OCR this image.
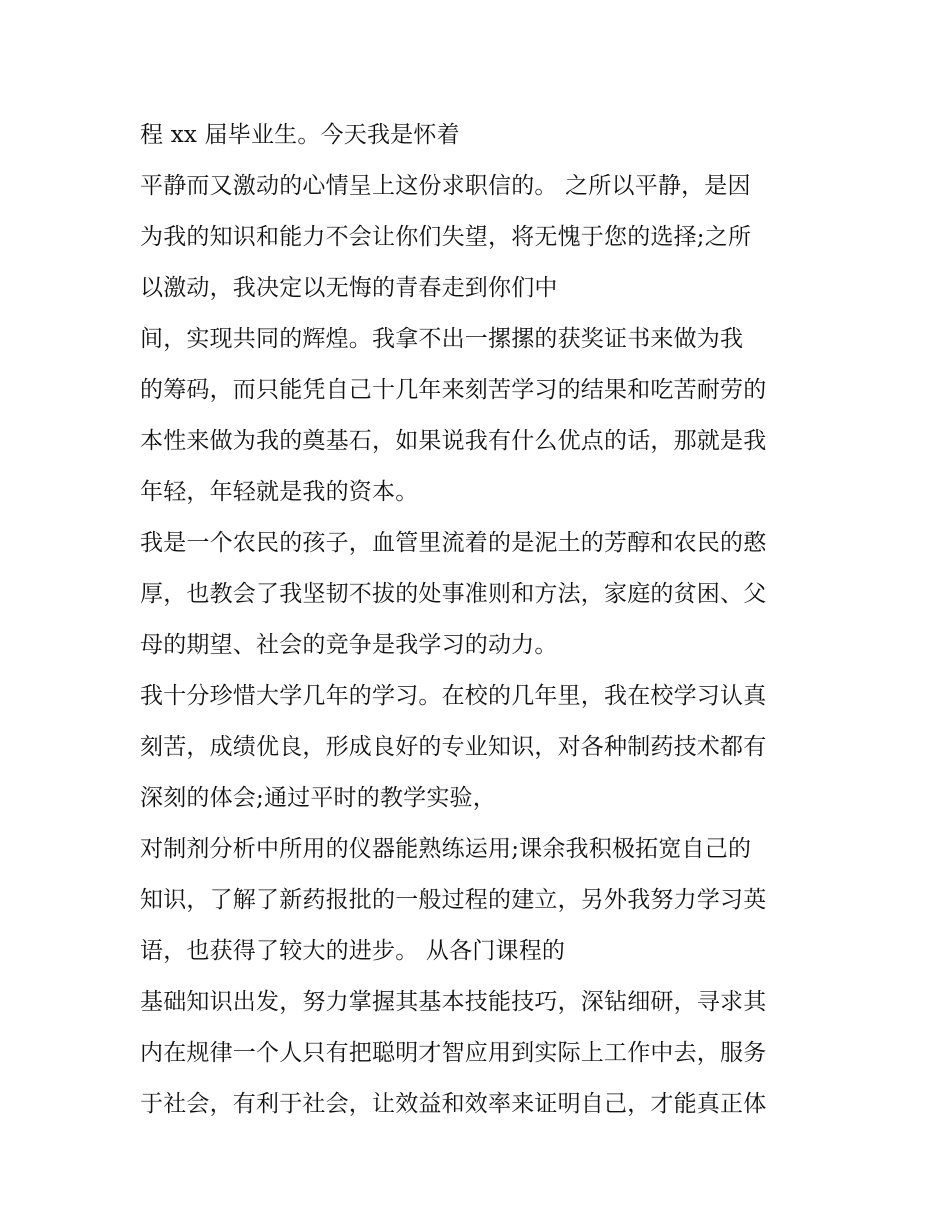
程 xx 届毕业生。今天我是怀着
平静而又激动的心情呈上这份求职信的。 之所以平静，是因
为我的知识和能力不会让你们失望，将无愧于您的选择;之所
以激动，我决定以无悔的青春走到你们中
间，实现共同的辉煌。我拿不出一摞摞的获奖证书来做为我
的筹码，而只能凭自己十几年来刻苦学习的结果和吃苦耐劳的
本性来做为我的奠基石，如果说我有什么优点的话，那就是我
年轻，年轻就是我的资本。
我是一个农民的孩子，血管里流着的是泥土的芳醇和农民的憨
厚，也教会了我坚韧不拔的处事准则和方法，家庭的贫困、父
母的期望、社会的竞争是我学习的动力。
我十分珍惜大学几年的学习。在校的几年里，我在校学习认真
刻苦，成绩优良，形成良好的专业知识，对各种制药技术都有
深刻的体会;通过平时的教学实验，
对制剂分析中所用的仪器能熟练运用;课余我积极拓宽自己的
知识，了解了新药报批的一般过程的建立，另外我努力学习英
语，也获得了较大的进步。 从各门课程的
基础知识出发，努力掌握其基本技能技巧，深钻细研，寻求其
内在规律一个人只有把聪明才智应用到实际上工作中去，服务
于社会，有利于社会，让效益和效率来证明自己，才能真正体
